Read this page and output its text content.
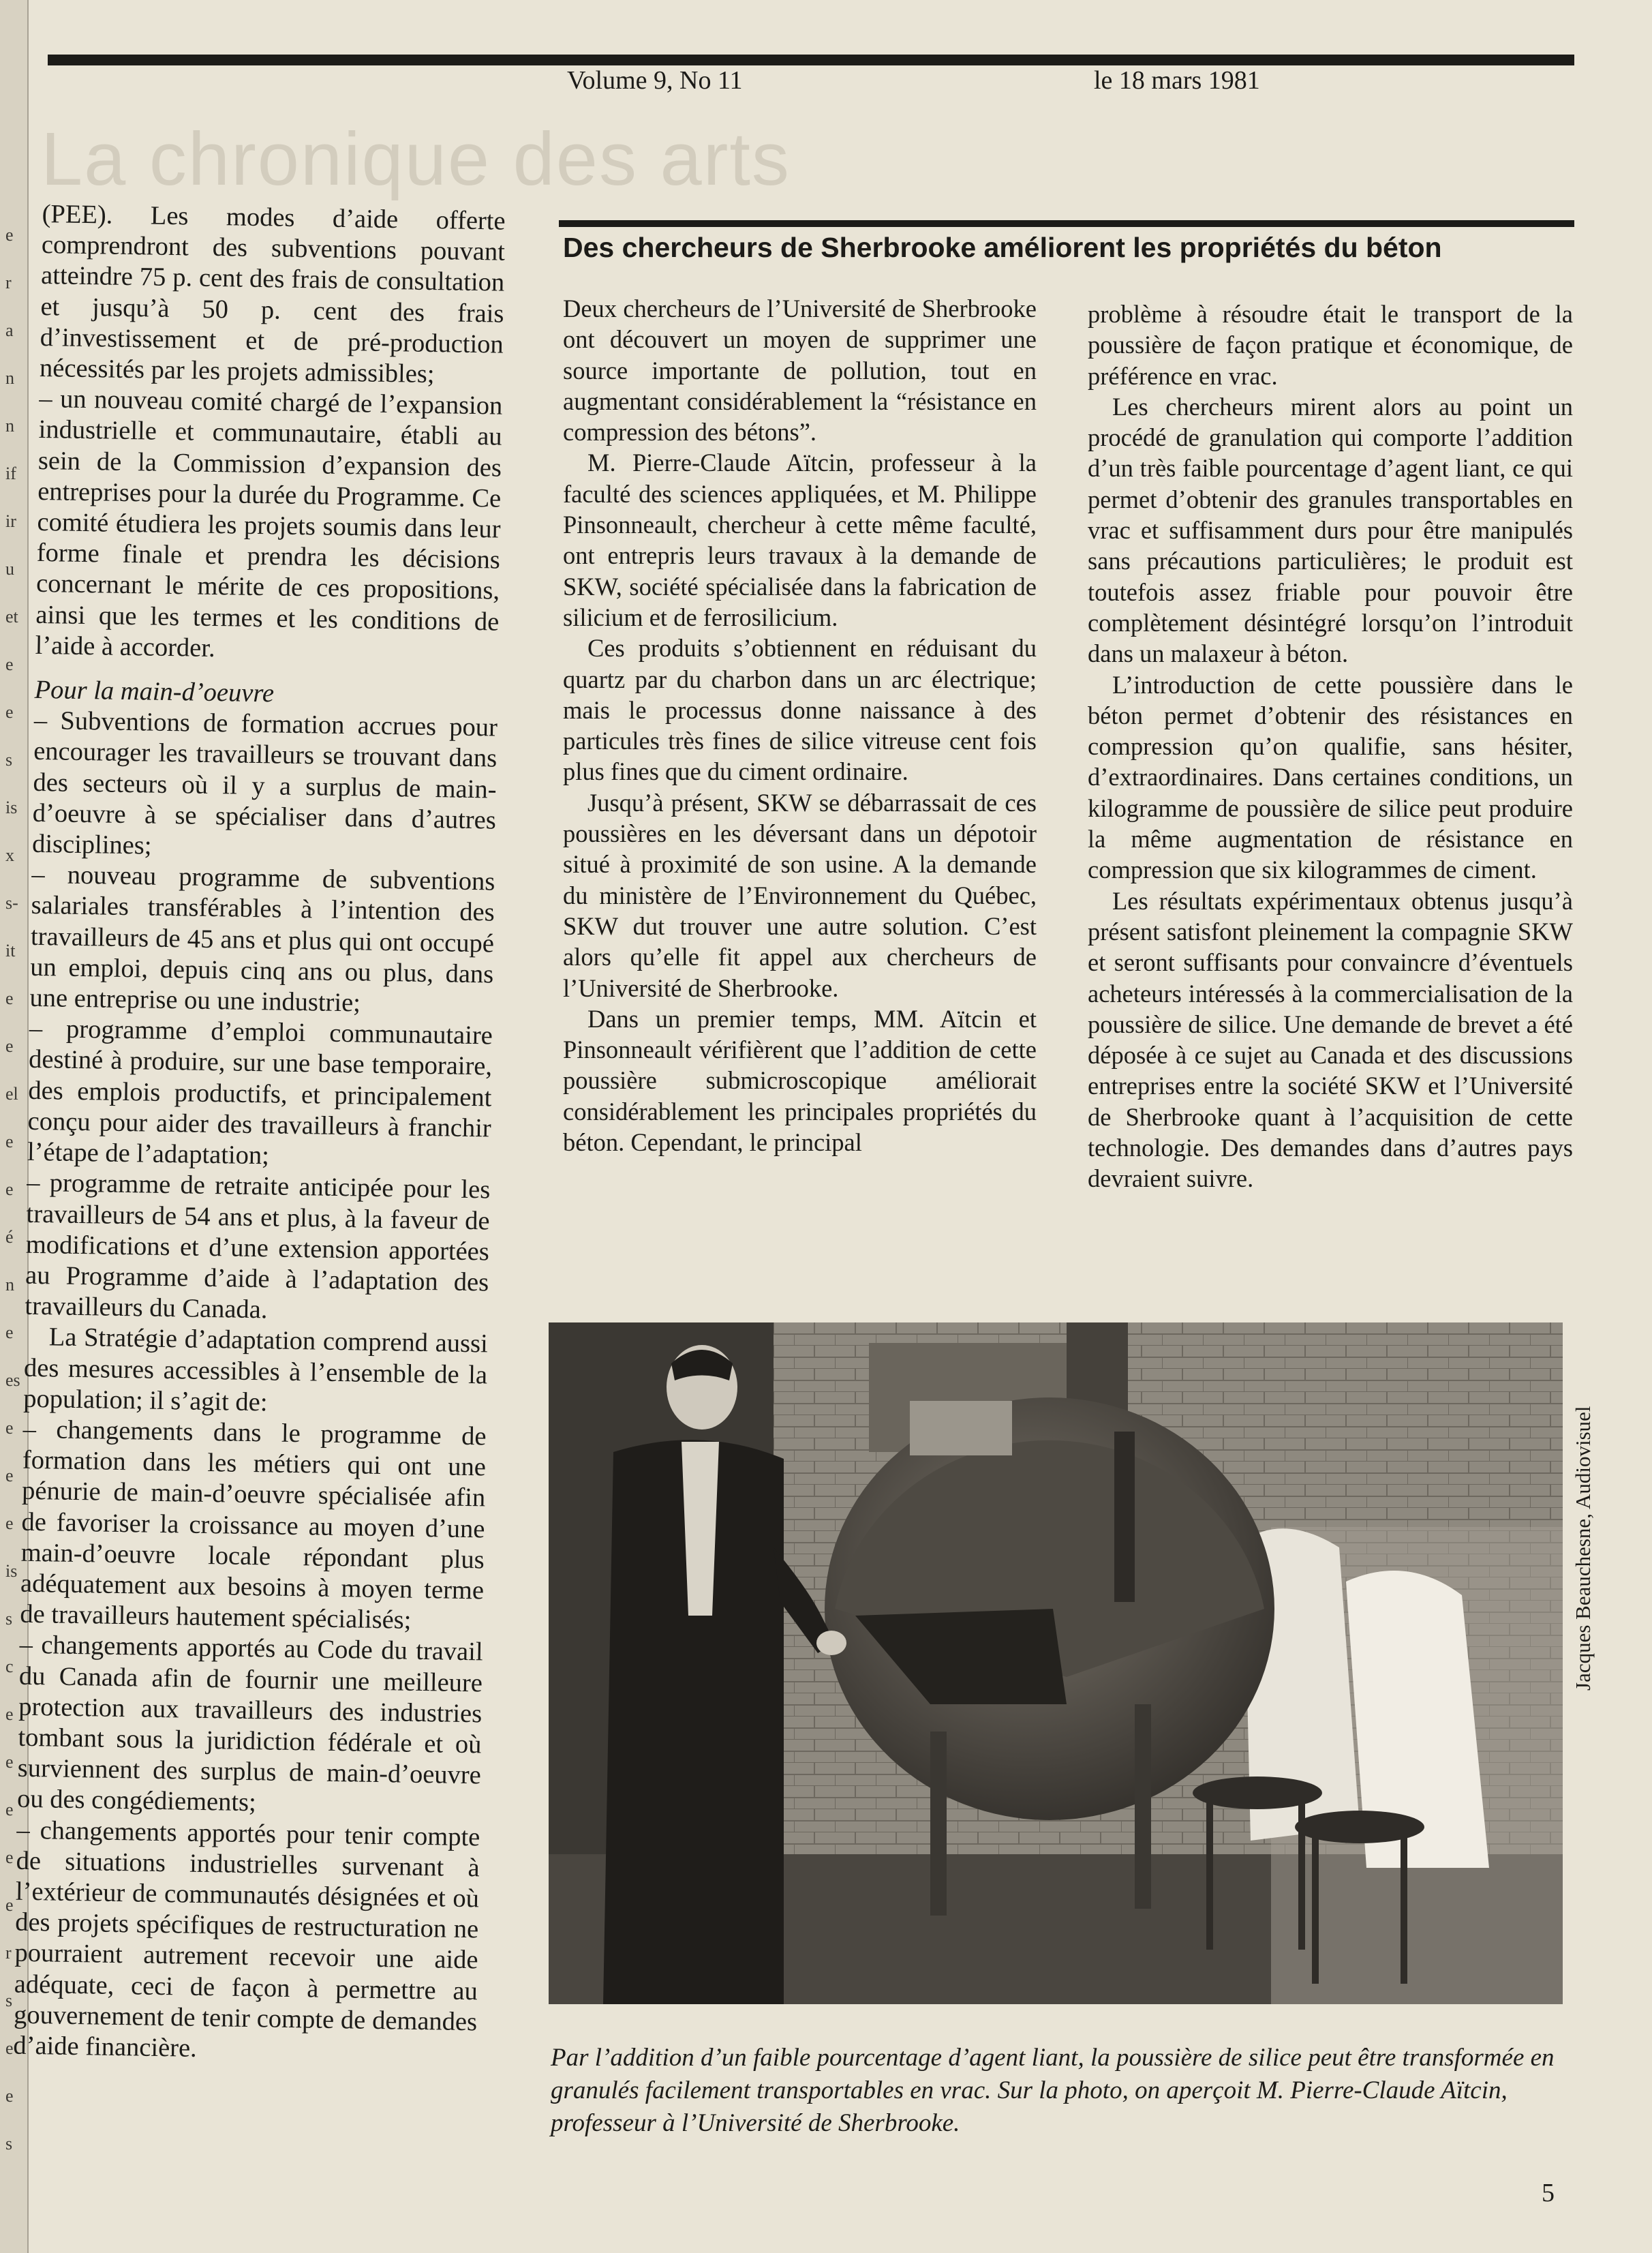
e
r
a
n
n
if
ir
u
et
e
e
s
is
x
s-
it
e
e
el
e
e
é
n
e
es
e
e
e
is
s
c
e
e
e
e
e
r
s
e
e
s
Volume 9, No 11	le 18 mars 1981
La chronique des arts

(PEE). Les modes d’aide offerte comprendront des subventions pouvant atteindre 75 p. cent des frais de consultation et jusqu’à 50 p. cent des frais d’investissement et de pré-production nécessités par les projets admissibles;

– un nouveau comité chargé de l’expansion industrielle et communautaire, établi au sein de la Commission d’expansion des entreprises pour la durée du Programme. Ce comité étudiera les projets soumis dans leur forme finale et prendra les décisions concernant le mérite de ces propositions, ainsi que les termes et les conditions de l’aide à accorder.

Pour la main-d’oeuvre

– Subventions de formation accrues pour encourager les travailleurs se trouvant dans des secteurs où il y a surplus de main-d’oeuvre à se spécialiser dans d’autres disciplines;

– nouveau programme de subventions salariales transférables à l’intention des travailleurs de 45 ans et plus qui ont occupé un emploi, depuis cinq ans ou plus, dans une entreprise ou une industrie;

– programme d’emploi communautaire destiné à produire, sur une base temporaire, des emplois productifs, et principalement conçu pour aider des travailleurs à franchir l’étape de l’adaptation;

– programme de retraite anticipée pour les travailleurs de 54 ans et plus, à la faveur de modifications et d’une extension apportées au Programme d’aide à l’adaptation des travailleurs du Canada.

La Stratégie d’adaptation comprend aussi des mesures accessibles à l’ensemble de la population; il s’agit de:

– changements dans le programme de formation dans les métiers qui ont une pénurie de main-d’oeuvre spécialisée afin de favoriser la croissance au moyen d’une main-d’oeuvre locale répondant plus adéquatement aux besoins à moyen terme de travailleurs hautement spécialisés;

– changements apportés au Code du travail du Canada afin de fournir une meilleure protection aux travailleurs des industries tombant sous la juridiction fédérale et où surviennent des surplus de main-d’oeuvre ou des congédiements;

– changements apportés pour tenir compte de situations industrielles survenant à l’extérieur de communautés désignées et où des projets spécifiques de restructuration ne pourraient autrement recevoir une aide adéquate, ceci de façon à permettre au gouvernement de tenir compte de demandes d’aide financière.

Des chercheurs de Sherbrooke améliorent les propriétés du béton

Deux chercheurs de l’Université de Sherbrooke ont découvert un moyen de supprimer une source importante de pollution, tout en augmentant considérablement la “résistance en compression des bétons”.

M. Pierre-Claude Aïtcin, professeur à la faculté des sciences appliquées, et M. Philippe Pinsonneault, chercheur à cette même faculté, ont entrepris leurs travaux à la demande de SKW, société spécialisée dans la fabrication de silicium et de ferrosilicium.

Ces produits s’obtiennent en réduisant du quartz par du charbon dans un arc électrique; mais le processus donne naissance à des particules très fines de silice vitreuse cent fois plus fines que du ciment ordinaire.

Jusqu’à présent, SKW se débarrassait de ces poussières en les déversant dans un dépotoir situé à proximité de son usine. A la demande du ministère de l’Environnement du Québec, SKW dut trouver une autre solution. C’est alors qu’elle fit appel aux chercheurs de l’Université de Sherbrooke.

Dans un premier temps, MM. Aïtcin et Pinsonneault vérifièrent que l’addition de cette poussière submicroscopique améliorait considérablement les principales propriétés du béton. Cependant, le principal

problème à résoudre était le transport de la poussière de façon pratique et économique, de préférence en vrac.

Les chercheurs mirent alors au point un procédé de granulation qui comporte l’addition d’un très faible pourcentage d’agent liant, ce qui permet d’obtenir des granules transportables en vrac et suffisamment durs pour être manipulés sans précautions particulières; le produit est toutefois assez friable pour pouvoir être complètement désintégré lorsqu’on l’introduit dans un malaxeur à béton.

L’introduction de cette poussière dans le béton permet d’obtenir des résistances en compression qu’on qualifie, sans hésiter, d’extraordinaires. Dans certaines conditions, un kilogramme de poussière de silice peut produire la même augmentation de résistance en compression que six kilogrammes de ciment.

Les résultats expérimentaux obtenus jusqu’à présent satisfont pleinement la compagnie SKW et seront suffisants pour convaincre d’éventuels acheteurs intéressés à la commercialisation de la poussière de silice. Une demande de brevet a été déposée à ce sujet au Canada et des discussions entreprises entre la société SKW et l’Université de Sherbrooke quant à l’acquisition de cette technologie. Des demandes dans d’autres pays devraient suivre.

Jacques Beauchesne, Audiovisuel
Par l’addition d’un faible pourcentage d’agent liant, la poussière de silice peut être transformée en granulés facilement transportables en vrac. Sur la photo, on aperçoit M. Pierre-Claude Aïtcin, professeur à l’Université de Sherbrooke.
5
